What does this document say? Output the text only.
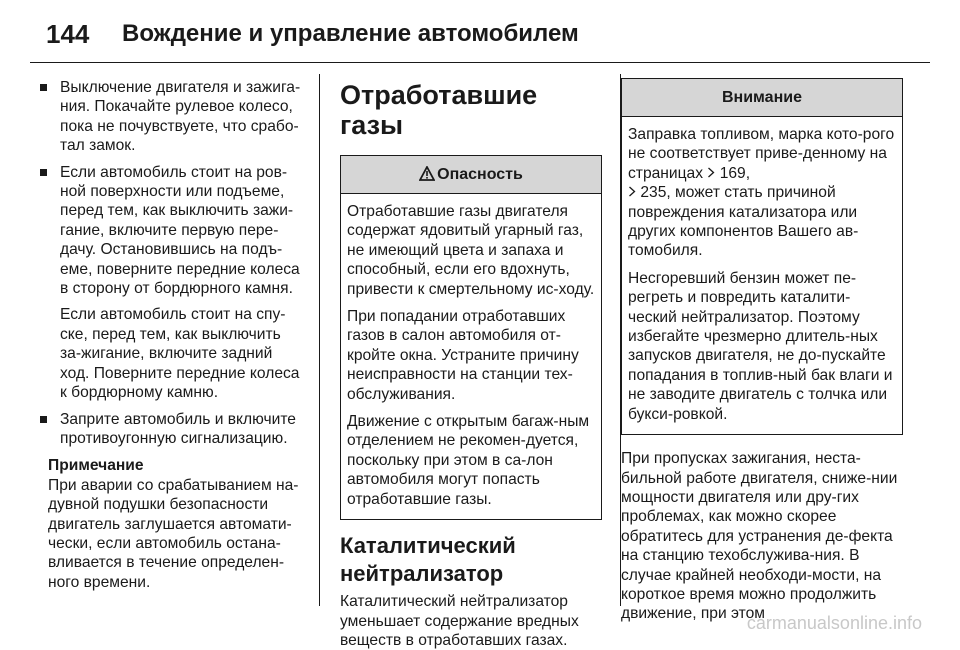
144	Вождение и управление автомобилем

Выключение двигателя и зажига-ния. Покачайте рулевое колесо, пока не почувствуете, что срабо-тал замок.

Если автомобиль стоит на ров-ной поверхности или подъеме, перед тем, как выключить зажи-гание, включите первую пере-дачу. Остановившись на подъ-еме, поверните передние колеса в сторону от бордюрного камня.

Если автомобиль стоит на спу-ске, перед тем, как выключить за-жигание, включите задний ход. Поверните передние колеса к бордюрному камню.

Заприте автомобиль и включите противоугонную сигнализацию.

Примечание

При аварии со срабатыванием на-дувной подушки безопасности двигатель заглушается автомати-чески, если автомобиль остана-вливается в течение определен-ного времени.

Отработавшие газы
Опасность

Отработавшие газы двигателя содержат ядовитый угарный газ, не имеющий цвета и запаха и способный, если его вдохнуть, привести к смертельному ис-ходу.

При попадании отработавших газов в салон автомобиля от-кройте окна. Устраните причину неисправности на станции тех-обслуживания.

Движение с открытым багаж-ным отделением не рекомен-дуется, поскольку при этом в са-лон автомобиля могут попасть отработавшие газы.

Каталитический нейтрализатор

Каталитический нейтрализатор уменьшает содержание вредных веществ в отработавших газах.

Внимание

Заправка топливом, марка кото-рого не соответствует приве-денному на страницах 169,
235, может стать причиной повреждения катализатора или других компонентов Вашего ав-томобиля.

Несгоревший бензин может пе-регреть и повредить каталити-ческий нейтрализатор. Поэтому избегайте чрезмерно длитель-ных запусков двигателя, не до-пускайте попадания в топлив-ный бак влаги и не заводите двигатель с толчка или букси-ровкой.

При пропусках зажигания, неста-бильной работе двигателя, сниже-нии мощности двигателя или дру-гих проблемах, как можно скорее обратитесь для устранения де-фекта на станцию техобслужива-ния. В случае крайней необходи-мости, на короткое время можно продолжить движение, при этом

carmanualsonline.info
